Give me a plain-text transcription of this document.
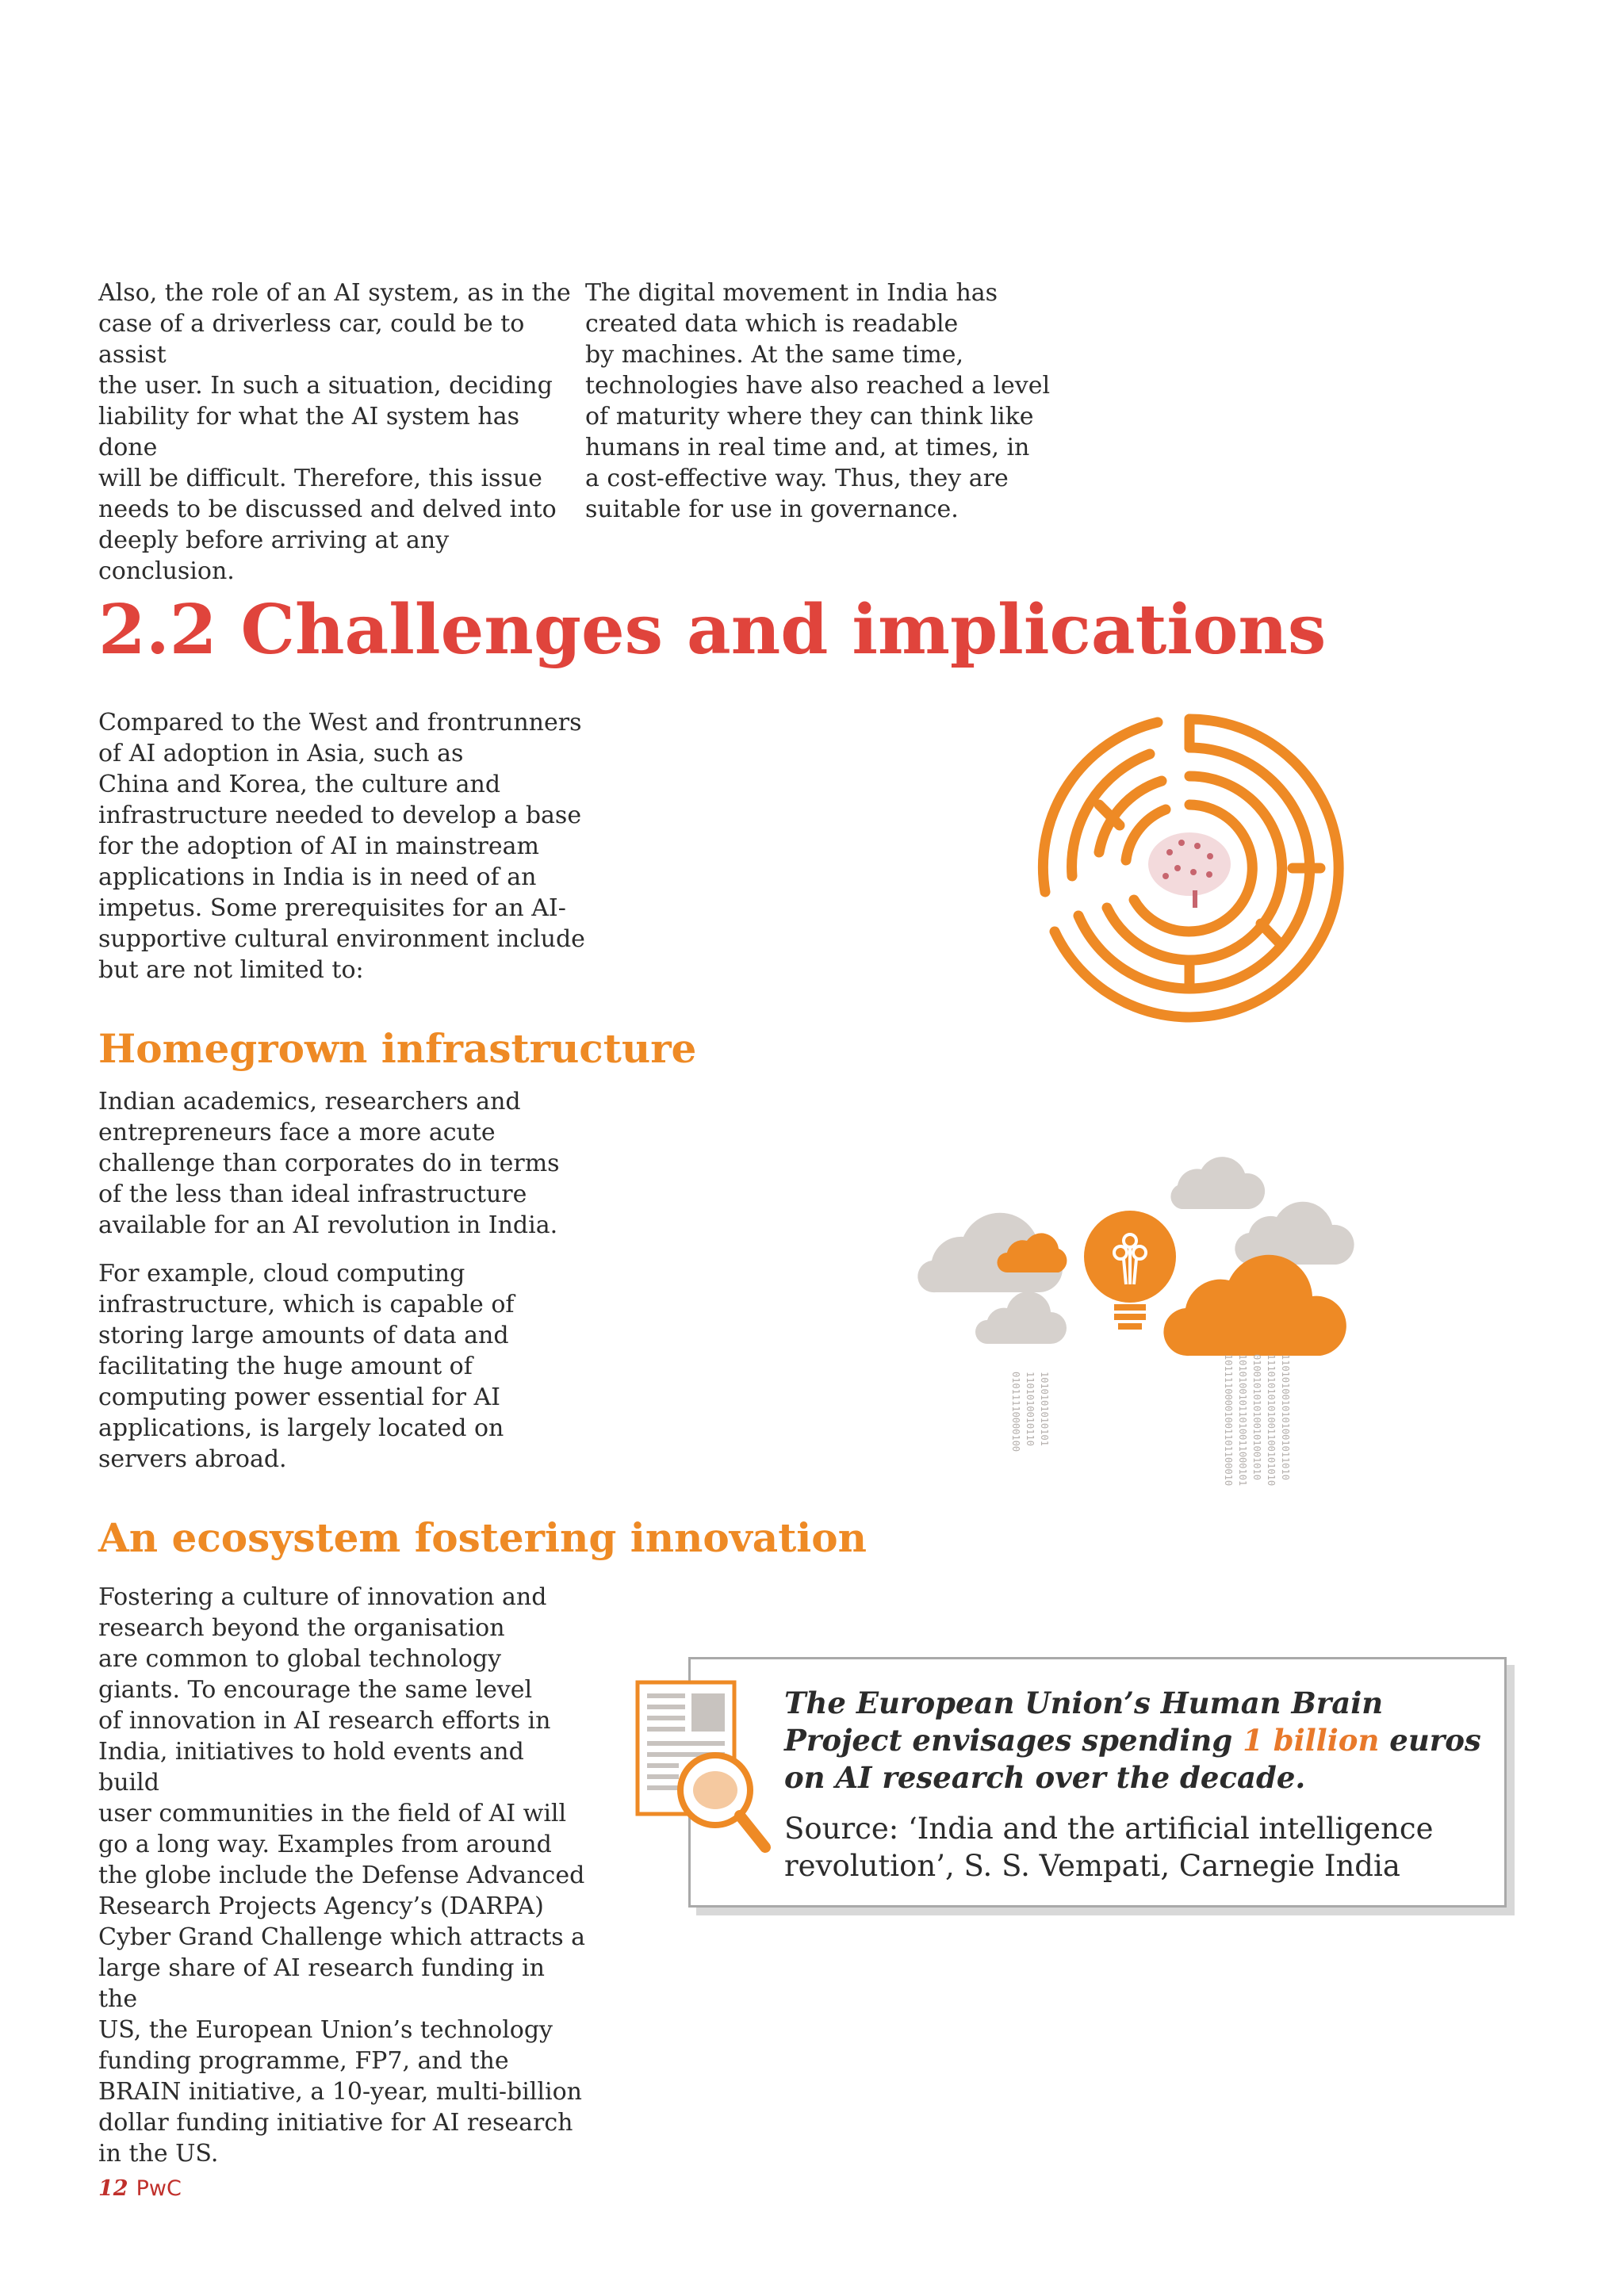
Also, the role of an AI system, as in the
case of a driverless car, could be to assist
the user. In such a situation, deciding
liability for what the AI system has done
will be difficult. Therefore, this issue
needs to be discussed and delved into
deeply before arriving at any conclusion.

The digital movement in India has
created data which is readable
by machines. At the same time,
technologies have also reached a level
of maturity where they can think like
humans in real time and, at times, in
a cost-effective way. Thus, they are
suitable for use in governance.

2.2 Challenges and implications

Compared to the West and frontrunners
of AI adoption in Asia, such as
China and Korea, the culture and
infrastructure needed to develop a base
for the adoption of AI in mainstream
applications in India is in need of an
impetus. Some prerequisites for an AI-
supportive cultural environment include
but are not limited to:

Homegrown infrastructure

Indian academics, researchers and
entrepreneurs face a more acute
challenge than corporates do in terms
of the less than ideal infrastructure
available for an AI revolution in India.

For example, cloud computing
infrastructure, which is capable of
storing large amounts of data and
facilitating the huge amount of
computing power essential for AI
applications, is largely located on
servers abroad.

01011110000100 1101010010110 1010101010101	10111100001001101100010 10101001011010011000101 0100101010100101001010 11101010101001100101010 1101010010101001011010
An ecosystem fostering innovation

Fostering a culture of innovation and
research beyond the organisation
are common to global technology
giants. To encourage the same level
of innovation in AI research efforts in
India, initiatives to hold events and build
user communities in the field of AI will
go a long way. Examples from around
the globe include the Defense Advanced
Research Projects Agency’s (DARPA)
Cyber Grand Challenge which attracts a
large share of AI research funding in the
US, the European Union’s technology
funding programme, FP7, and the
BRAIN initiative, a 10-year, multi-billion
dollar funding initiative for AI research
in the US.

The European Union’s Human Brain Project envisages spending 1 billion euros on AI research over the decade.

Source: ‘India and the artificial intelligence
revolution’, S. S. Vempati, Carnegie India

12 PwC
